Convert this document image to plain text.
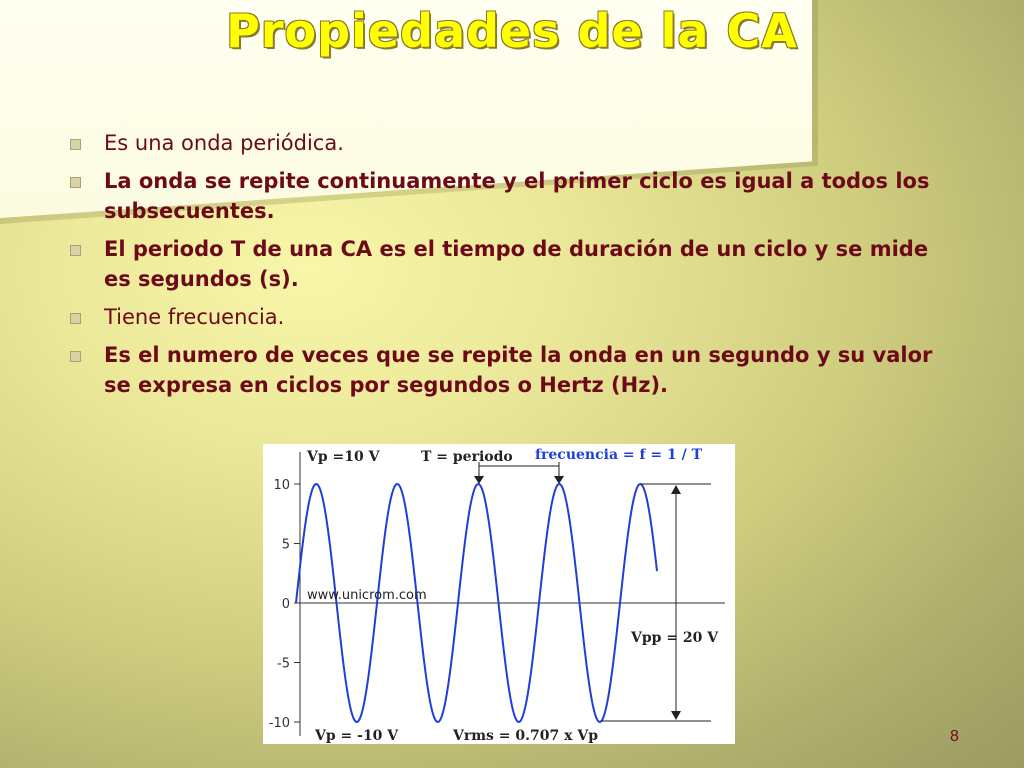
Propiedades de la CA
Es una onda periódica.
La onda se repite continuamente y el primer ciclo es igual a todos los subsecuentes.
El periodo T de una CA es el tiempo de duración de un ciclo y se mide es segundos (s).
Tiene frecuencia.
Es el numero de veces que se repite la onda en un segundo y su valor se expresa en ciclos por segundos o Hertz (Hz).
10
5
0
-5
-10
Vp =10 V	T = periodo frecuencia = f = 1 / T
www.unicrom.com
Vpp = 20 V
Vp = -10 V	Vrms = 0.707 x Vp	8
